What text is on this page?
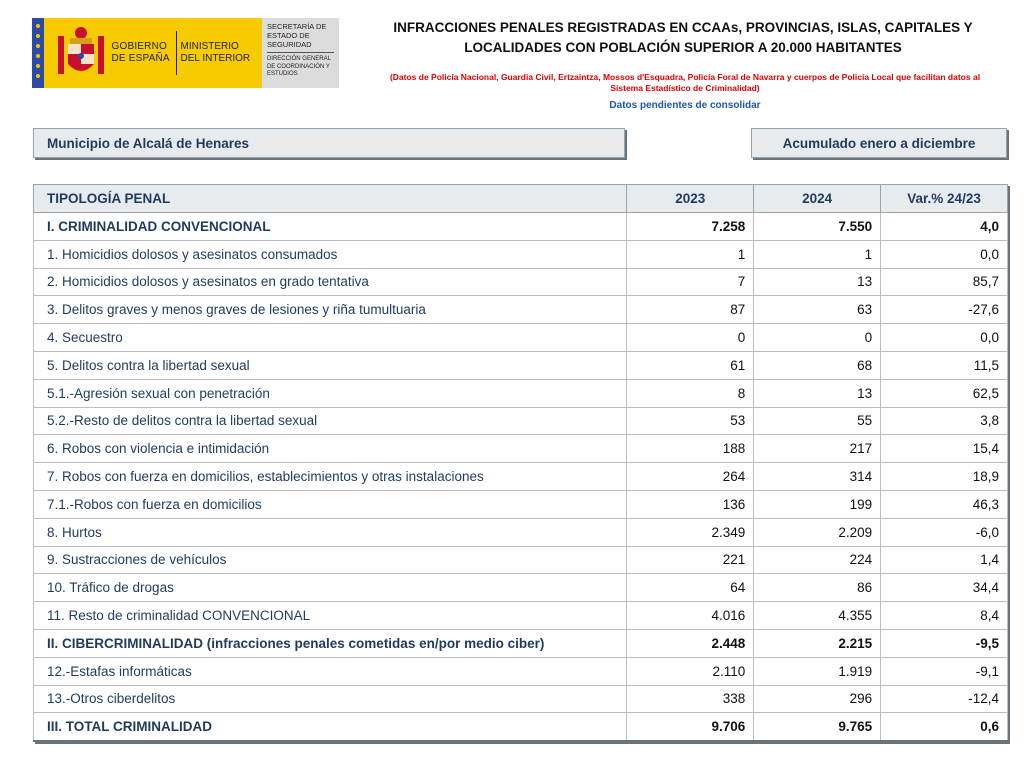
GOBIERNO DE ESPAÑA
MINISTERIO DEL INTERIOR
SECRETARÍA DE ESTADO DE SEGURIDAD
DIRECCIÓN GENERAL DE COORDINACIÓN Y ESTUDIOS
INFRACCIONES PENALES REGISTRADAS EN CCAAs, PROVINCIAS, ISLAS, CAPITALES Y LOCALIDADES CON POBLACIÓN SUPERIOR A 20.000 HABITANTES
(Datos de Policía Nacional, Guardia Civil, Ertzaintza, Mossos d'Esquadra, Policía Foral de Navarra y cuerpos de Policía Local que facilitan datos al Sistema Estadístico de Criminalidad)
Datos pendientes de consolidar
Municipio de Alcalá de Henares	Acumulado enero a diciembre
TIPOLOGÍA PENAL	2023	2024	Var.% 24/23
I. CRIMINALIDAD CONVENCIONAL	7.258	7.550	4,0
1. Homicidios dolosos y asesinatos consumados	1	1	0,0
2. Homicidios dolosos y asesinatos en grado tentativa	7	13	85,7
3. Delitos graves y menos graves de lesiones y riña tumultuaria	87	63	-27,6
4. Secuestro	0	0	0,0
5. Delitos contra la libertad sexual	61	68	11,5
5.1.-Agresión sexual con penetración	8	13	62,5
5.2.-Resto de delitos contra la libertad sexual	53	55	3,8
6. Robos con violencia e intimidación	188	217	15,4
7. Robos con fuerza en domicilios, establecimientos y otras instalaciones	264	314	18,9
7.1.-Robos con fuerza en domicilios	136	199	46,3
8. Hurtos	2.349	2.209	-6,0
9. Sustracciones de vehículos	221	224	1,4
10. Tráfico de drogas	64	86	34,4
11. Resto de criminalidad CONVENCIONAL	4.016	4.355	8,4
II. CIBERCRIMINALIDAD (infracciones penales cometidas en/por medio ciber)	2.448	2.215	-9,5
12.-Estafas informáticas	2.110	1.919	-9,1
13.-Otros ciberdelitos	338	296	-12,4
III. TOTAL CRIMINALIDAD	9.706	9.765	0,6
